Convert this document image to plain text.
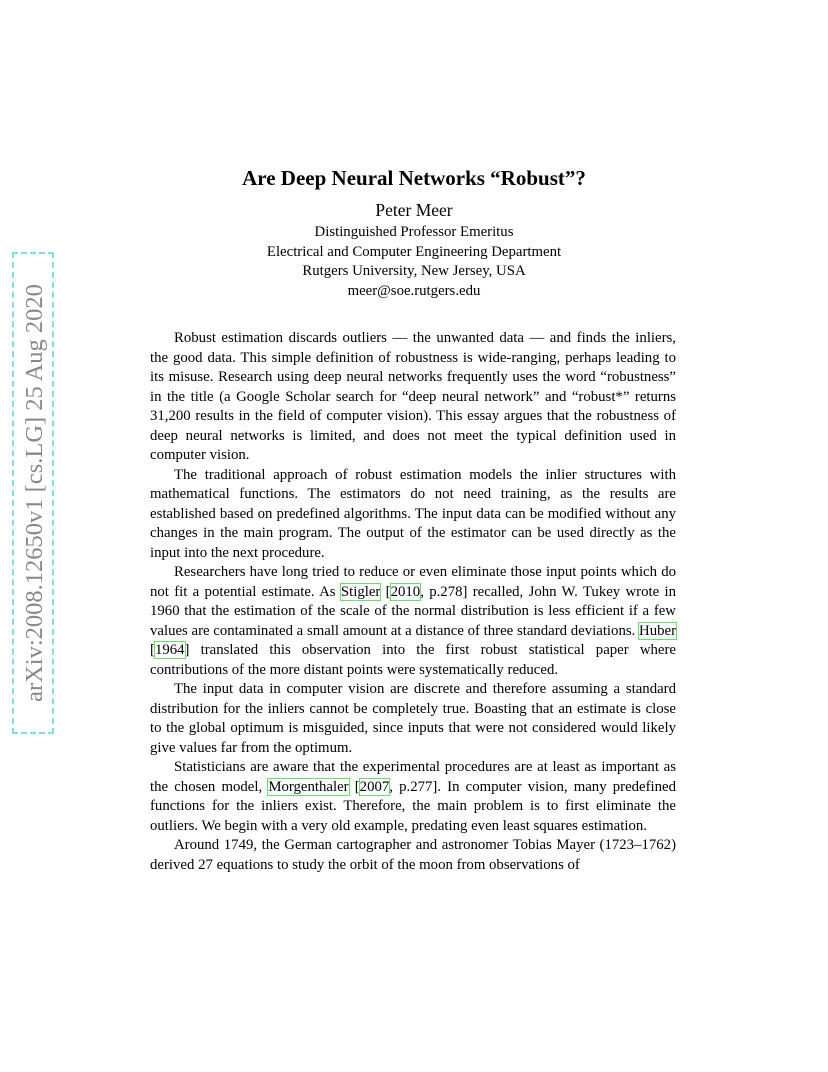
arXiv:2008.12650v1 [cs.LG] 25 Aug 2020
Are Deep Neural Networks “Robust”?
Peter Meer
Distinguished Professor Emeritus
Electrical and Computer Engineering Department
Rutgers University, New Jersey, USA
meer@soe.rutgers.edu

Robust estimation discards outliers — the unwanted data — and finds the inliers, the good data. This simple definition of robustness is wide-ranging, perhaps leading to its misuse. Research using deep neural networks frequently uses the word “robustness” in the title (a Google Scholar search for “deep neural network” and “robust*” returns 31,200 results in the field of computer vision). This essay argues that the robustness of deep neural networks is limited, and does not meet the typical definition used in computer vision.

The traditional approach of robust estimation models the inlier structures with mathematical functions. The estimators do not need training, as the results are established based on predefined algorithms. The input data can be modified without any changes in the main program. The output of the estimator can be used directly as the input into the next procedure.

Researchers have long tried to reduce or even eliminate those input points which do not fit a potential estimate. As Stigler [2010, p.278] recalled, John W. Tukey wrote in 1960 that the estimation of the scale of the normal distribution is less efficient if a few values are contaminated a small amount at a distance of three standard deviations. Huber [1964] translated this observation into the first robust statistical paper where contributions of the more distant points were systematically reduced.

The input data in computer vision are discrete and therefore assuming a standard distribution for the inliers cannot be completely true. Boasting that an estimate is close to the global optimum is misguided, since inputs that were not considered would likely give values far from the optimum.

Statisticians are aware that the experimental procedures are at least as important as the chosen model, Morgenthaler [2007, p.277]. In computer vision, many predefined functions for the inliers exist. Therefore, the main problem is to first eliminate the outliers. We begin with a very old example, predating even least squares estimation.

Around 1749, the German cartographer and astronomer Tobias Mayer (1723–1762) derived 27 equations to study the orbit of the moon from observations of
